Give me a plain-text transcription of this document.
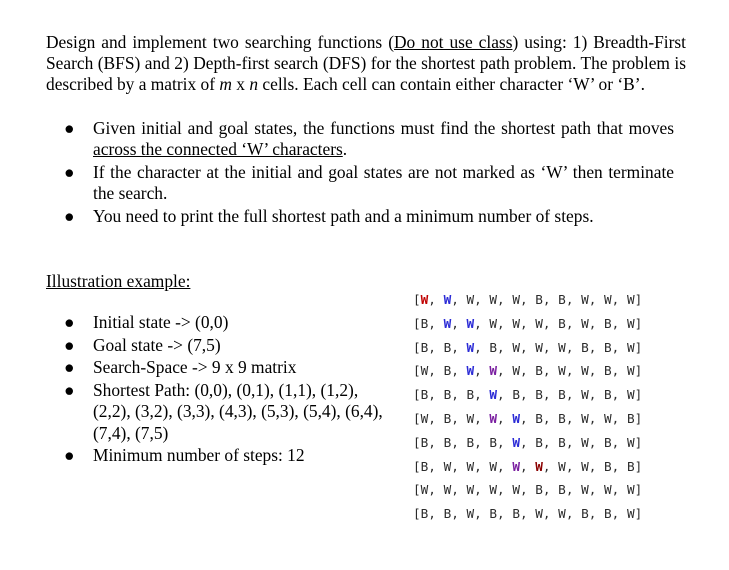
Design and implement two searching functions (Do not use class) using: 1) Breadth-First Search (BFS) and 2) Depth-first search (DFS) for the shortest path problem. The problem is described by a matrix of m x n cells. Each cell can contain either character ‘W’ or ‘B’.
● Given initial and goal states, the functions must find the shortest path that moves across the connected ‘W’ characters.
● If the character at the initial and goal states are not marked as ‘W’ then terminate the search.
● You need to print the full shortest path and a minimum number of steps.
Illustration example:
● Initial state -> (0,0)
● Goal state -> (7,5)
● Search-Space -> 9 x 9 matrix
● Shortest Path: (0,0), (0,1), (1,1), (1,2), (2,2), (3,2), (3,3), (4,3), (5,3), (5,4), (6,4), (7,4), (7,5)
● Minimum number of steps: 12
[W, W, W, W, W, B, B, W, W, W]
[B, W, W, W, W, W, B, W, B, W]
[B, B, W, B, W, W, W, B, B, W]
[W, B, W, W, W, B, W, W, B, W]
[B, B, B, W, B, B, B, W, B, W]
[W, B, W, W, W, B, B, W, W, B]
[B, B, B, B, W, B, B, W, B, W]
[B, W, W, W, W, W, W, W, B, B]
[W, W, W, W, W, B, B, W, W, W]
[B, B, W, B, B, W, W, B, B, W]
